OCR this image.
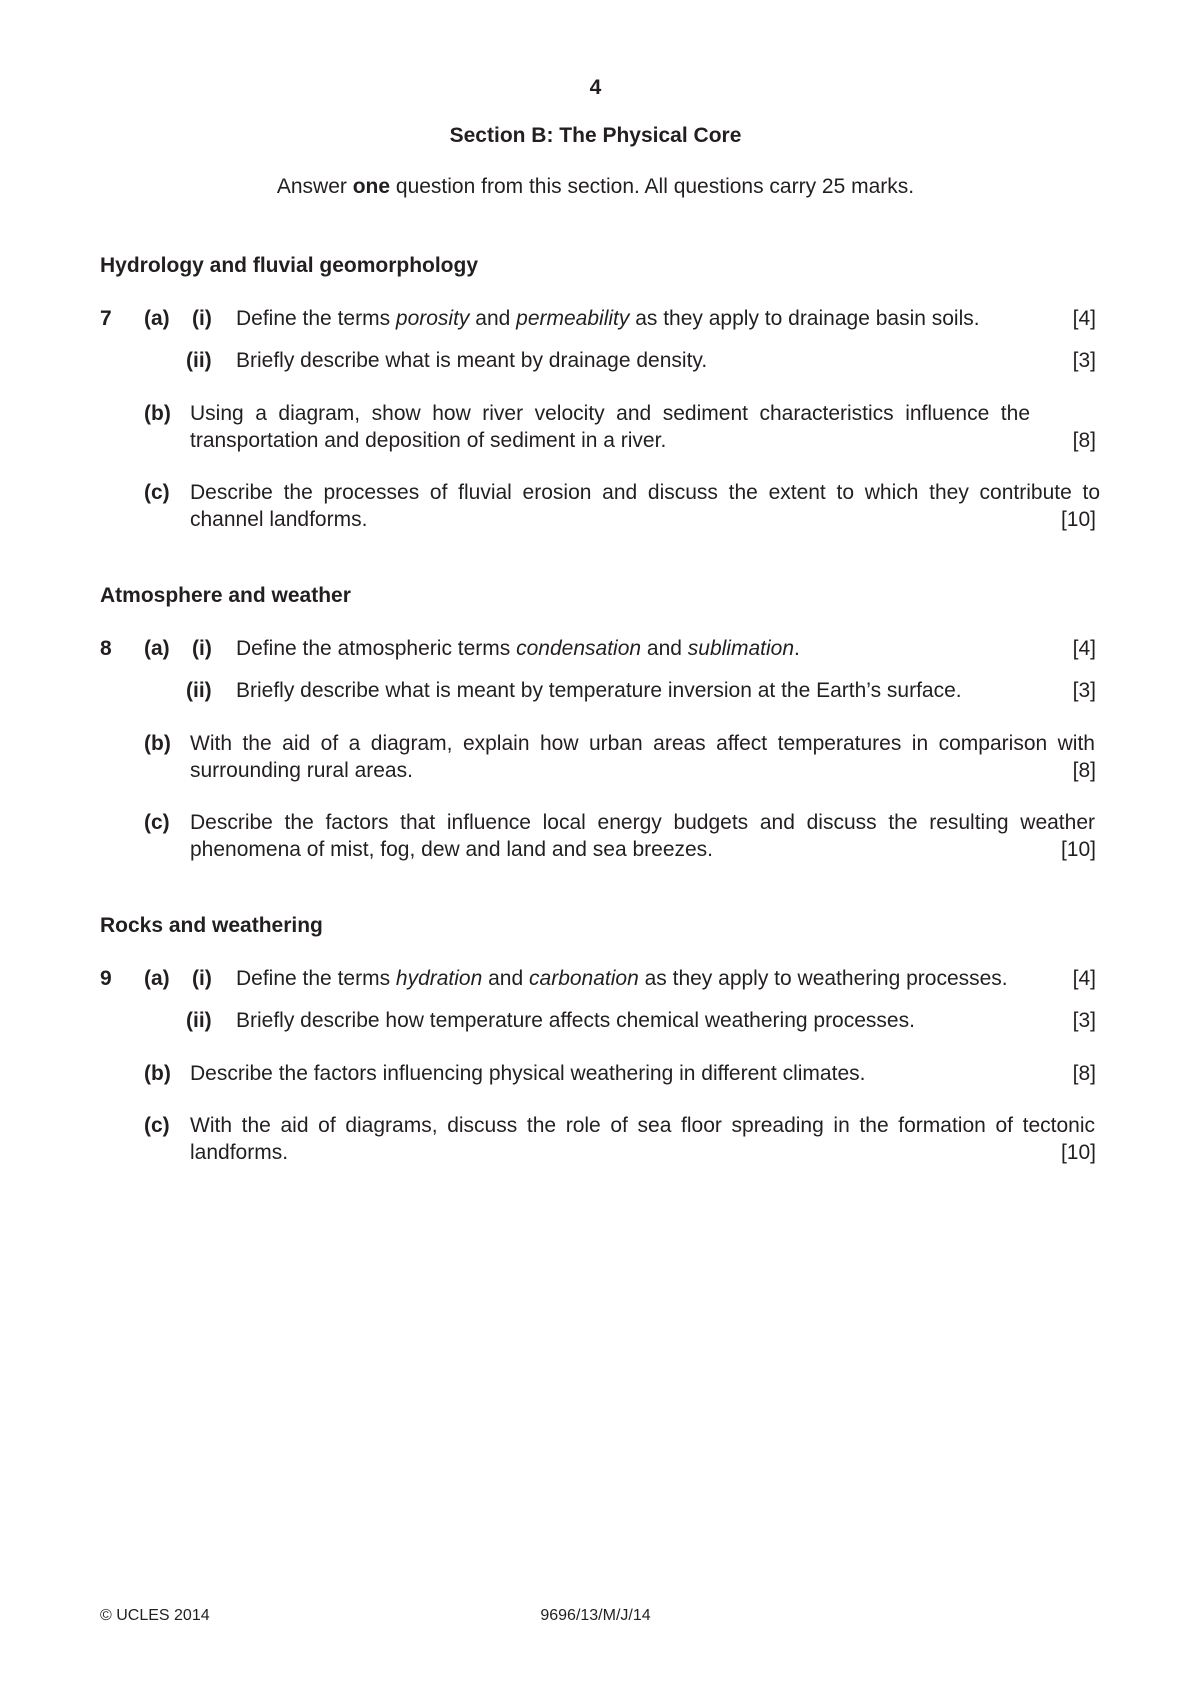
4
Section B: The Physical Core
Answer one question from this section. All questions carry 25 marks.
Hydrology and fluvial geomorphology
7 (a) (i) Define the terms porosity and permeability as they apply to drainage basin soils.	[4]
(ii) Briefly describe what is meant by drainage density.	[3]
(b) Using a diagram, show how river velocity and sediment characteristics influence the transportation and deposition of sediment in a river.	[8]
(c) Describe the processes of fluvial erosion and discuss the extent to which they contribute to channel landforms.	[10]
Atmosphere and weather
8 (a) (i) Define the atmospheric terms condensation and sublimation.	[4]
(ii) Briefly describe what is meant by temperature inversion at the Earth’s surface.	[3]
(b) With the aid of a diagram, explain how urban areas affect temperatures in comparison with surrounding rural areas.	[8]
(c) Describe the factors that influence local energy budgets and discuss the resulting weather phenomena of mist, fog, dew and land and sea breezes.	[10]
Rocks and weathering
9 (a) (i) Define the terms hydration and carbonation as they apply to weathering processes.	[4]
(ii) Briefly describe how temperature affects chemical weathering processes.	[3]
(b) Describe the factors influencing physical weathering in different climates.	[8]
(c) With the aid of diagrams, discuss the role of sea floor spreading in the formation of tectonic landforms.	[10]
© UCLES 2014	9696/13/M/J/14
